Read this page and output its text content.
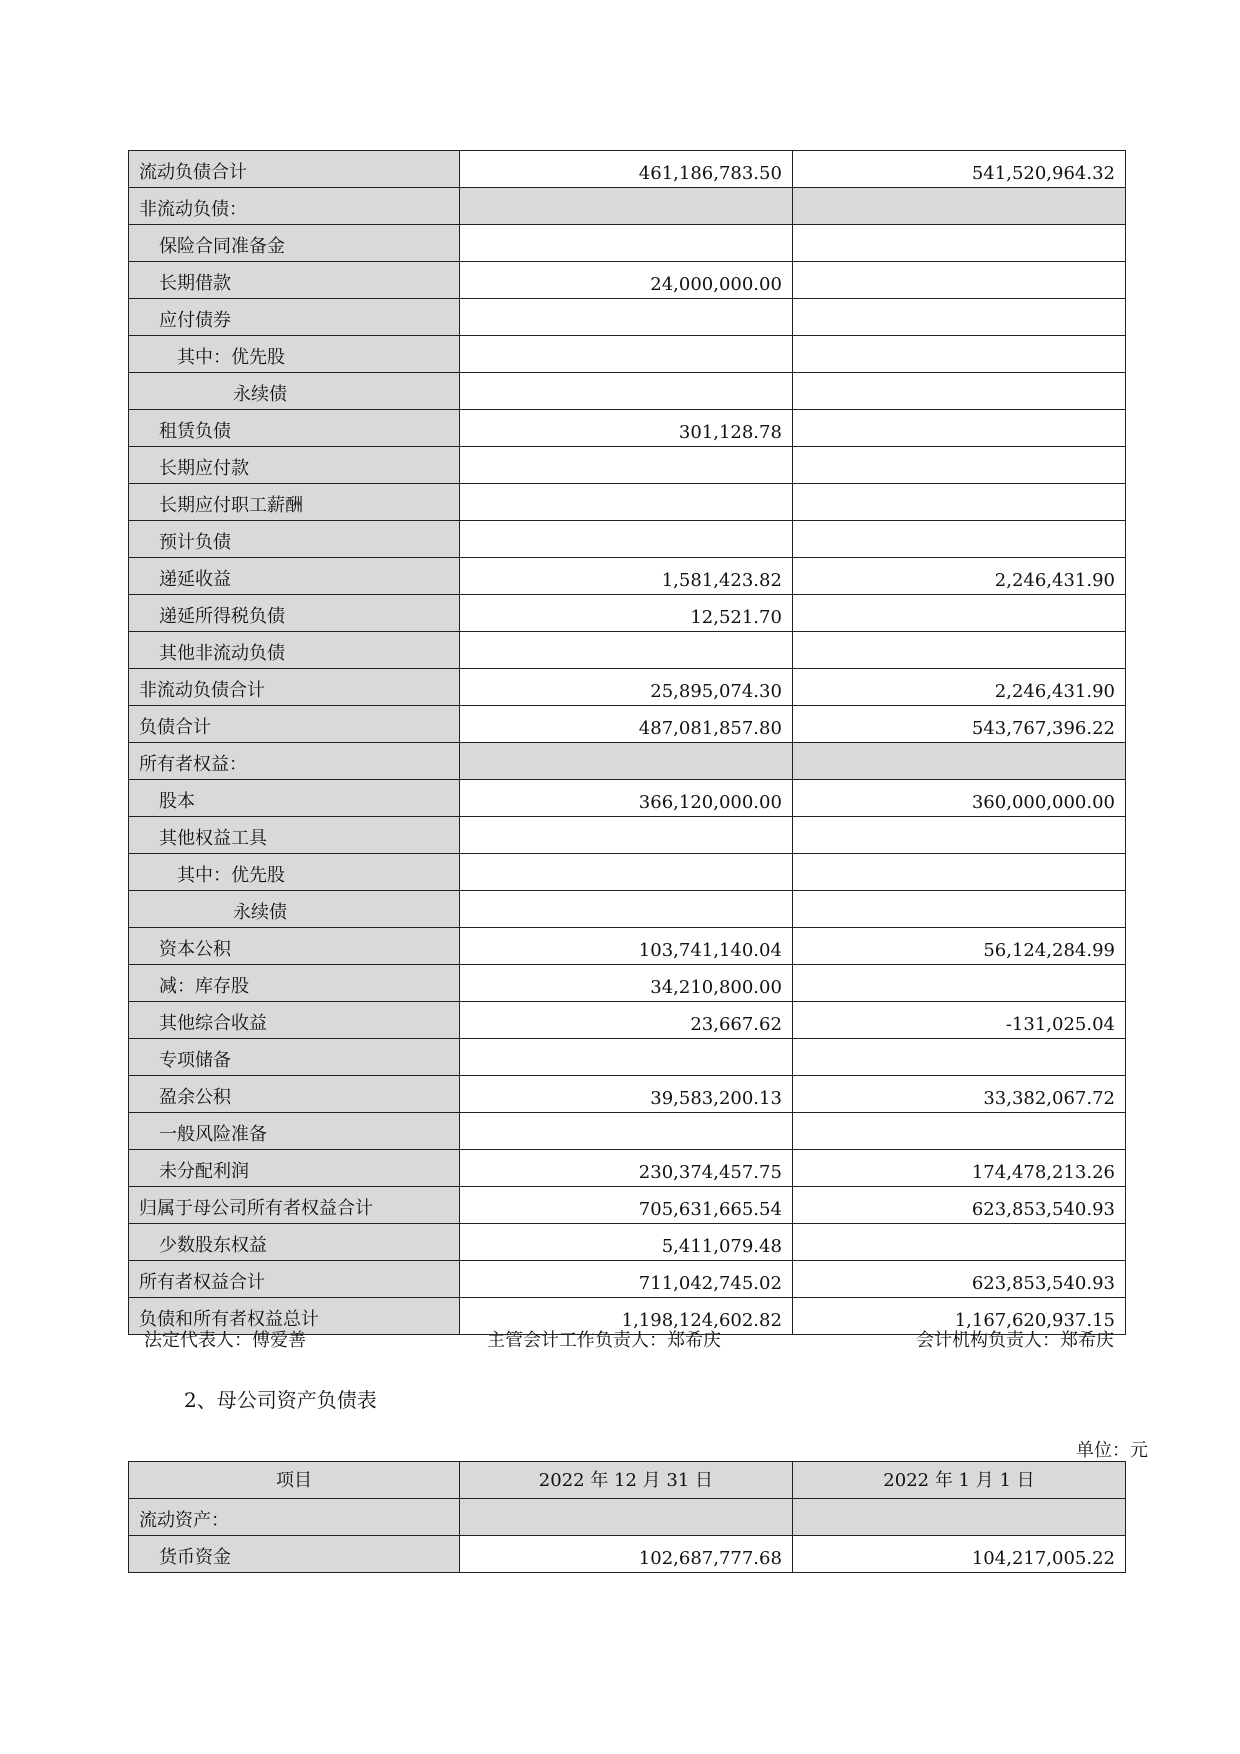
流动负债合计	461,186,783.50	541,520,964.32
非流动负债：		
保险合同准备金		
长期借款	24,000,000.00	
应付债券		
其中：优先股		
永续债		
租赁负债	301,128.78	
长期应付款		
长期应付职工薪酬		
预计负债		
递延收益	1,581,423.82	2,246,431.90
递延所得税负债	12,521.70	
其他非流动负债		
非流动负债合计	25,895,074.30	2,246,431.90
负债合计	487,081,857.80	543,767,396.22
所有者权益：		
股本	366,120,000.00	360,000,000.00
其他权益工具		
其中：优先股		
永续债		
资本公积	103,741,140.04	56,124,284.99
减：库存股	34,210,800.00	
其他综合收益	23,667.62	-131,025.04
专项储备		
盈余公积	39,583,200.13	33,382,067.72
一般风险准备		
未分配利润	230,374,457.75	174,478,213.26
归属于母公司所有者权益合计	705,631,665.54	623,853,540.93
少数股东权益	5,411,079.48	
所有者权益合计	711,042,745.02	623,853,540.93
负债和所有者权益总计	1,198,124,602.82	1,167,620,937.15
法定代表人：傅爱善	主管会计工作负责人：郑希庆	会计机构负责人：郑希庆
2、母公司资产负债表
单位：元
项目	2022 年 12 月 31 日	2022 年 1 月 1 日
流动资产：		
货币资金	102,687,777.68	104,217,005.22
